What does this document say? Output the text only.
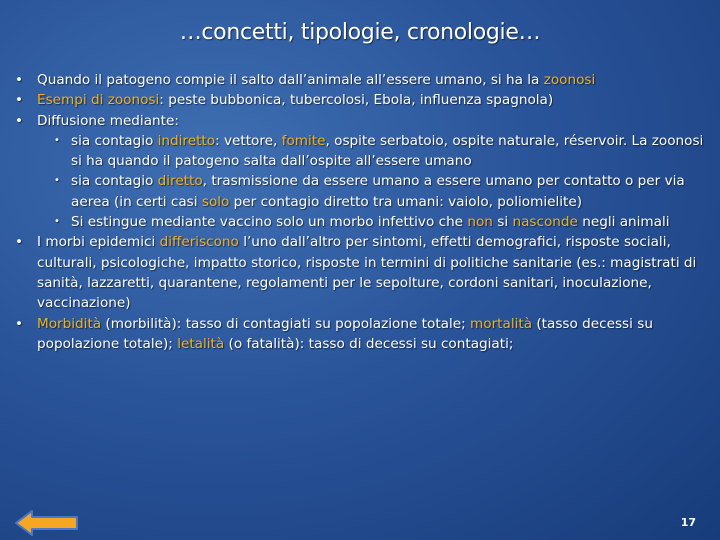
…concetti, tipologie, cronologie…
•	Quando il patogeno compie il salto dall’animale all’essere umano, si ha la zoonosi
•	Esempi di zoonosi: peste bubbonica, tubercolosi, Ebola, influenza spagnola)
•	Diffusione mediante:
• sia contagio indiretto: vettore, fomite, ospite serbatoio, ospite naturale, réservoir. La zoonosi si ha quando il patogeno salta dall’ospite all’essere umano
• sia contagio diretto, trasmissione da essere umano a essere umano per contatto o per via aerea (in certi casi solo per contagio diretto tra umani: vaiolo, poliomielite)
• Si estingue mediante vaccino solo un morbo infettivo che non si nasconde negli animali
•	I morbi epidemici differiscono l’uno dall’altro per sintomi, effetti demografici, risposte sociali, culturali, psicologiche, impatto storico, risposte in termini di politiche sanitarie (es.: magistrati di sanità, lazzaretti, quarantene, regolamenti per le sepolture, cordoni sanitari, inoculazione, vaccinazione)
•	Morbidità (morbilità): tasso di contagiati su popolazione totale; mortalità (tasso decessi su popolazione totale); letalità (o fatalità): tasso di decessi su contagiati;
17
